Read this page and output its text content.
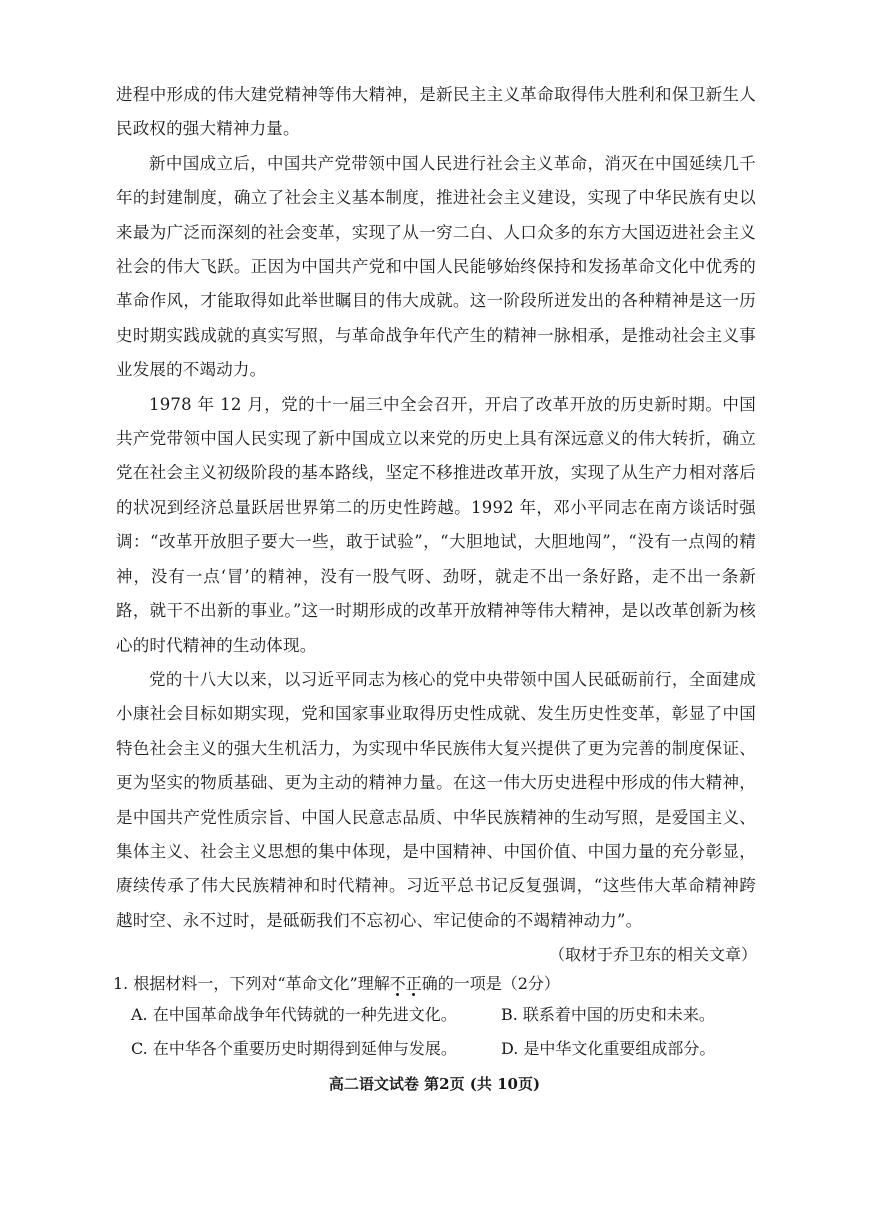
进程中形成的伟大建党精神等伟大精神，是新民主主义革命取得伟大胜利和保卫新生人民政权的强大精神力量。

新中国成立后，中国共产党带领中国人民进行社会主义革命，消灭在中国延续几千年的封建制度，确立了社会主义基本制度，推进社会主义建设，实现了中华民族有史以来最为广泛而深刻的社会变革，实现了从一穷二白、人口众多的东方大国迈进社会主义社会的伟大飞跃。正因为中国共产党和中国人民能够始终保持和发扬革命文化中优秀的革命作风，才能取得如此举世瞩目的伟大成就。这一阶段所迸发出的各种精神是这一历史时期实践成就的真实写照，与革命战争年代产生的精神一脉相承，是推动社会主义事业发展的不竭动力。

1978 年 12 月，党的十一届三中全会召开，开启了改革开放的历史新时期。中国共产党带领中国人民实现了新中国成立以来党的历史上具有深远意义的伟大转折，确立党在社会主义初级阶段的基本路线，坚定不移推进改革开放，实现了从生产力相对落后的状况到经济总量跃居世界第二的历史性跨越。1992 年，邓小平同志在南方谈话时强调：“改革开放胆子要大一些，敢于试验”，“大胆地试，大胆地闯”，“没有一点闯的精神，没有一点‘冒’的精神，没有一股气呀、劲呀，就走不出一条好路，走不出一条新路，就干不出新的事业。”这一时期形成的改革开放精神等伟大精神，是以改革创新为核心的时代精神的生动体现。

党的十八大以来，以习近平同志为核心的党中央带领中国人民砥砺前行，全面建成小康社会目标如期实现，党和国家事业取得历史性成就、发生历史性变革，彰显了中国特色社会主义的强大生机活力，为实现中华民族伟大复兴提供了更为完善的制度保证、更为坚实的物质基础、更为主动的精神力量。在这一伟大历史进程中形成的伟大精神，是中国共产党性质宗旨、中国人民意志品质、中华民族精神的生动写照，是爱国主义、集体主义、社会主义思想的集中体现，是中国精神、中国价值、中国力量的充分彰显，赓续传承了伟大民族精神和时代精神。习近平总书记反复强调，“这些伟大革命精神跨越时空、永不过时，是砥砺我们不忘初心、牢记使命的不竭精神动力”。

（取材于乔卫东的相关文章）
1. 根据材料一，下列对“革命文化”理解不正确的一项是（2分）
A. 在中国革命战争年代铸就的一种先进文化。	B. 联系着中国的历史和未来。
C. 在中华各个重要历史时期得到延伸与发展。	D. 是中华文化重要组成部分。
高二语文试卷 第2页 (共 10页)
